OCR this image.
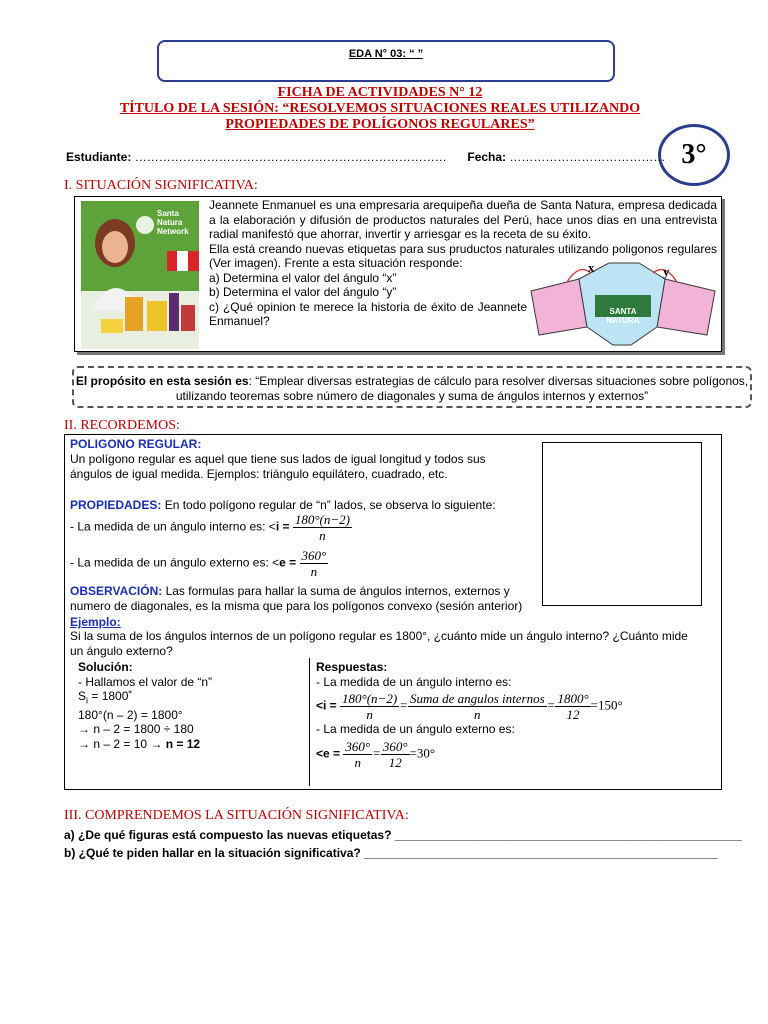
EDA N° 03: “ ”
FICHA DE ACTIVIDADES N° 12
TÍTULO DE LA SESIÓN: “RESOLVEMOS SITUACIONES REALES UTILIZANDO
PROPIEDADES DE POLÍGONOS REGULARES”
3°
Estudiante: …………………………………………………………………… Fecha: …………………………………
I. SITUACIÓN SIGNIFICATIVA:
Santa
Natura
Network

Jeannete Enmanuel es una empresaria arequipeña dueña de Santa Natura, empresa dedicada a la elaboración y difusión de productos naturales del Perú, hace unos dias en una entrevista radial manifestó que ahorrar, invertir y arriesgar es la receta de su éxito.

Ella está creando nuevas etiquetas para sus pruductos naturales utilizando poligonos regulares (Ver imagen). Frente a esta situación responde:

a) Determina el valor del ángulo “x”

b) Determina el valor del ángulo “y”

c) ¿Qué opinion te merece la historia de éxito de Jeannete Enmanuel?

x	y
SANTA
NATURA
El propósito en esta sesión es: “Emplear diversas estrategias de cálculo para resolver diversas situaciones sobre polígonos, utilizando teoremas sobre número de diagonales y suma de ángulos internos y externos”
II. RECORDEMOS:
POLIGONO REGULAR:
Un polígono regular es aquel que tiene sus lados de igual longitud y todos sus ángulos de igual medida. Ejemplos: triángulo equilátero, cuadrado, etc.
PROPIEDADES: En todo polígono regular de “n” lados, se observa lo siguiente:
- La medida de un ángulo interno es: $<i = \frac{180^\circ(n-2)}{n}$
- La medida de un ángulo externo es: $<e = \frac{360^\circ}{n}$
OBSERVACIÓN: Las formulas para hallar la suma de ángulos internos, externos y numero de diagonales, es la misma que para los polígonos convexo (sesión anterior)
Ejemplo:
Si la suma de los ángulos internos de un polígono regular es 1800°, ¿cuánto mide un ángulo interno? ¿Cuánto mide un ángulo externo?
Solución:
- Hallamos el valor de “n”
$S_i$ = 1800˚
180°(n – 2) = 1800°
→ n – 2 = 1800 ÷ 180
→ n – 2 = 10 → n = 12
Respuestas:
- La medida de un ángulo interno es:
$<i = \frac{180^\circ(n-2)}{n} = \frac{\text{Suma de angulos internos}}{n} = \frac{1800^\circ}{12} =150^\circ$
- La medida de un ángulo externo es:
$<e = \frac{360^\circ}{n} = \frac{360^\circ}{12} =30^\circ$
III. COMPRENDEMOS LA SITUACIÓN SIGNIFICATIVA:
a) ¿De qué figuras está compuesto las nuevas etiquetas? ____________________________________________________
b) ¿Qué te piden hallar en la situación significativa? _____________________________________________________
